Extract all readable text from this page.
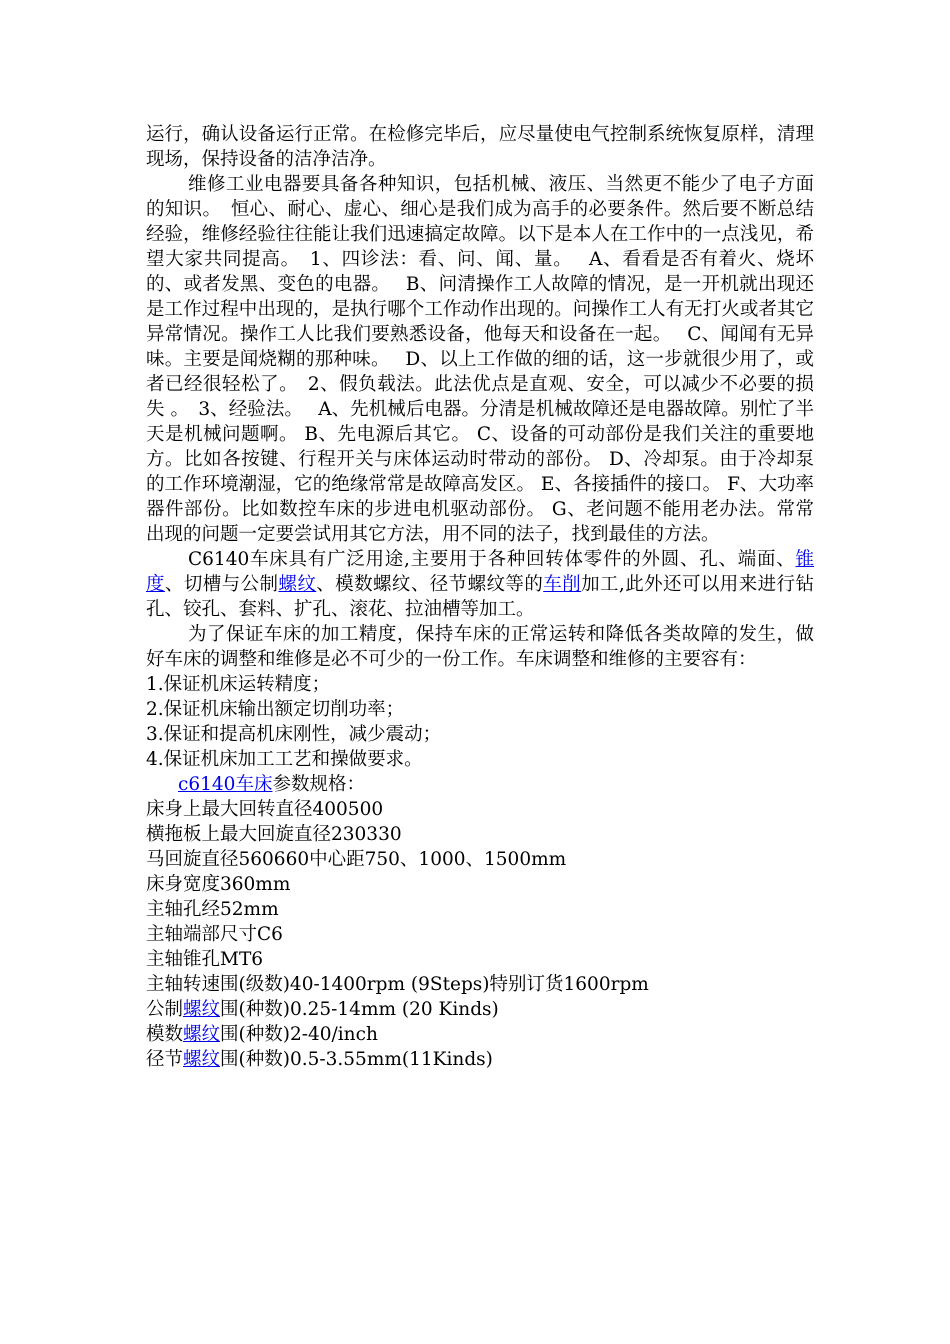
运行，确认设备运行正常。在检修完毕后，应尽量使电气控制系统恢复原样，清理现场，保持设备的洁净洁净。

维修工业电器要具备各种知识，包括机械、液压、当然更不能少了电子方面的知识。　恒心、耐心、虚心、细心是我们成为高手的必要条件。然后要不断总结经验，维修经验往往能让我们迅速搞定故障。以下是本人在工作中的一点浅见，希望大家共同提高。　1、四诊法：看、问、闻、量。　 A、看看是否有着火、烧坏的、或者发黑、变色的电器。　 B、问清操作工人故障的情况，是一开机就出现还是工作过程中出现的，是执行哪个工作动作出现的。问操作工人有无打火或者其它异常情况。操作工人比我们要熟悉设备，他每天和设备在一起。　 C、闻闻有无异味。主要是闻烧糊的那种味。　 D、以上工作做的细的话，这一步就很少用了，或者已经很轻松了。　2、假负载法。此法优点是直观、安全，可以减少不必要的损失 。　3、经验法。　 A、先机械后电器。分清是机械故障还是电器故障。别忙了半天是机械问题啊。 B、先电源后其它。 C、设备的可动部份是我们关注的重要地方。比如各按键、行程开关与床体运动时带动的部份。 D、冷却泵。由于冷却泵的工作环境潮湿，它的绝缘常常是故障高发区。 E、各接插件的接口。 F、大功率器件部份。比如数控车床的步进电机驱动部份。 G、老问题不能用老办法。常常出现的问题一定要尝试用其它方法，用不同的法子，找到最佳的方法。

C6140车床具有广泛用途,主要用于各种回转体零件的外圆、孔、端面、锥度、切槽与公制螺纹、模数螺纹、径节螺纹等的车削加工,此外还可以用来进行钻孔、铰孔、套料、扩孔、滚花、拉油槽等加工。

为了保证车床的加工精度，保持车床的正常运转和降低各类故障的发生，做好车床的调整和维修是必不可少的一份工作。车床调整和维修的主要容有：

1.保证机床运转精度；

2.保证机床输出额定切削功率；

3.保证和提高机床刚性，减少震动；

4.保证机床加工工艺和操做要求。

c6140车床参数规格：

床身上最大回转直径400500

横拖板上最大回旋直径230330

马回旋直径560660中心距750、1000、1500mm

床身宽度360mm

主轴孔经52mm

主轴端部尺寸C6

主轴锥孔MT6

主轴转速围(级数)40-1400rpm (9Steps)特别订货1600rpm

公制螺纹围(种数)0.25-14mm (20 Kinds)

模数螺纹围(种数)2-40/inch

径节螺纹围(种数)0.5-3.55mm(11Kinds)
